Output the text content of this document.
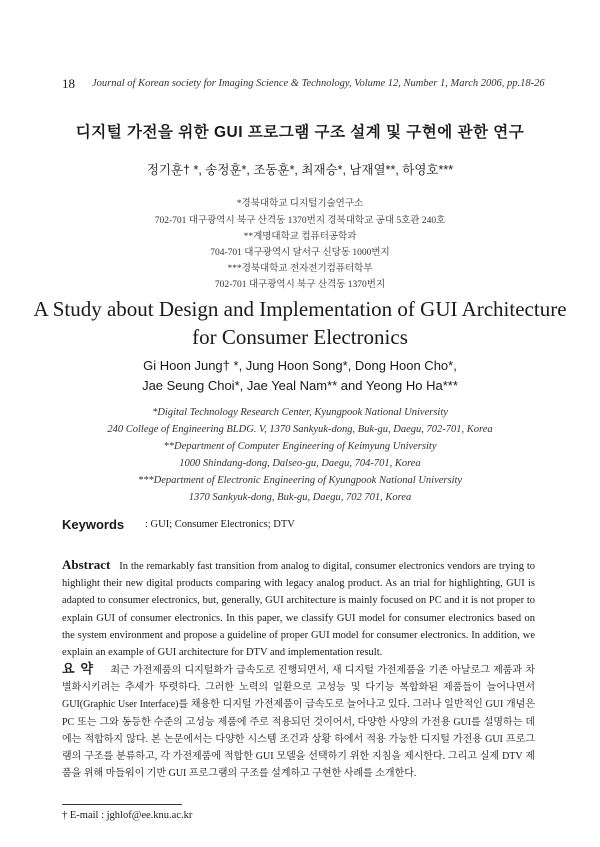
18 Journal of Korean society for Imaging Science & Technology, Volume 12, Number 1, March 2006, pp.18-26
디지털 가전을 위한 GUI 프로그램 구조 설계 및 구현에 관한 연구
정기훈† *, 송정훈*, 조동훈*, 최재승*, 남재열**, 하영호***
*경북대학교 디지털기술연구소
702-701 대구광역시 북구 산격동 1370번지 경북대학교 공대 5호관 240호
**계명대학교 컴퓨터공학과
704-701 대구광역시 달서구 신당동 1000번지
***경북대학교 전자전기컴퓨터학부
702-701 대구광역시 북구 산격동 1370번지
A Study about Design and Implementation of GUI Architecture
for Consumer Electronics
Gi Hoon Jung† *, Jung Hoon Song*, Dong Hoon Cho*,
Jae Seung Choi*, Jae Yeal Nam** and Yeong Ho Ha***
*Digital Technology Research Center, Kyungpook National University
240 College of Engineering BLDG. V, 1370 Sankyuk-dong, Buk-gu, Daegu, 702-701, Korea
**Department of Computer Engineering of Keimyung University
1000 Shindang-dong, Dalseo-gu, Daegu, 704-701, Korea
***Department of Electronic Engineering of Kyungpook National University
1370 Sankyuk-dong, Buk-gu, Daegu, 702 701, Korea
Keywords : GUI; Consumer Electronics; DTV
Abstract In the remarkably fast transition from analog to digital, consumer electronics vendors are trying to highlight their new digital products comparing with legacy analog product. As an trial for highlighting, GUI is adapted to consumer electronics, but, generally, GUI architecture is mainly focused on PC and it is not proper to explain GUI of consumer electronics. In this paper, we classify GUI model for consumer electronics based on the system environment and propose a guideline of proper GUI model for consumer electronics. In addition, we explain an example of GUI architecture for DTV and implementation result.
요약 최근 가전제품의 디지털화가 급속도로 진행되면서, 새 디지털 가전제품을 기존 아날로그 제품과 차별화시키려는 추세가 뚜렷하다. 그러한 노력의 일환으로 고성능 및 다기능 복합화된 제품들이 늘어나면서 GUI(Graphic User Interface)를 채용한 디지털 가전제품이 급속도로 늘어나고 있다. 그러나 일반적인 GUI 개념은 PC 또는 그와 동등한 수준의 고성능 제품에 주로 적용되던 것이어서, 다양한 사양의 가전용 GUI를 설명하는 데에는 적합하지 않다. 본 논문에서는 다양한 시스템 조건과 상황 하에서 적용 가능한 디지털 가전용 GUI 프로그램의 구조를 분류하고, 각 가전제품에 적합한 GUI 모델을 선택하기 위한 지침을 제시한다. 그리고 실제 DTV 제품을 위해 마들워이 기반 GUI 프로그램의 구조를 설계하고 구현한 사례를 소개한다.
† E-mail : jghlof@ee.knu.ac.kr
